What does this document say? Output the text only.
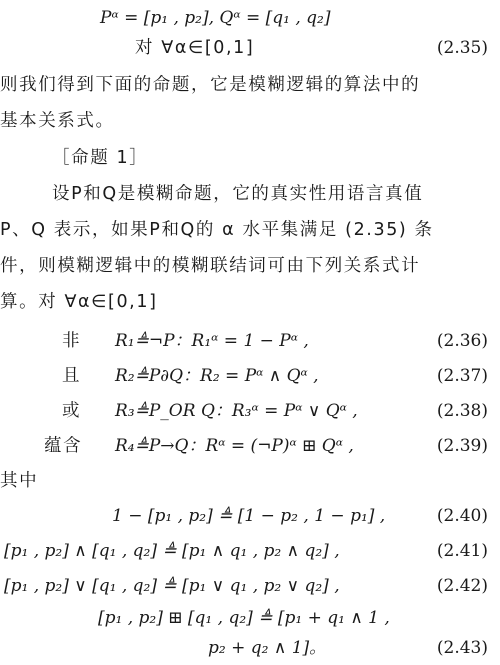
Pᵅ = [p₁ , p₂], Qᵅ = [q₁ , q₂]
对 ∀α∈[0,1]	(2.35)
则我们得到下面的命题，它是模糊逻辑的算法中的
基本关系式。
［命题 1］
设P和Q是模糊命题，它的真实性用语言真值
P、Q 表示，如果P和Q的 α 水平集满足 (2.35) 条
件，则模糊逻辑中的模糊联结词可由下列关系式计
算。对 ∀α∈[0,1]
非 R₁≜¬P：R₁ᵅ = 1 − Pᵅ ,	(2.36)
且 R₂≜P∂Q：R₂ = Pᵅ ∧ Qᵅ ,	(2.37)
或 R₃≜P_OR Q：R₃ᵅ = Pᵅ ∨ Qᵅ ,	(2.38)
蕴含 R₄≜P→Q：Rᵅ = (¬P)ᵅ ⊞ Qᵅ ,	(2.39)
其中
1 − [p₁ , p₂] ≜ [1 − p₂ , 1 − p₁] ,	(2.40)
[p₁ , p₂] ∧ [q₁ , q₂] ≜ [p₁ ∧ q₁ , p₂ ∧ q₂] ,	(2.41)
[p₁ , p₂] ∨ [q₁ , q₂] ≜ [p₁ ∨ q₁ , p₂ ∨ q₂] ,	(2.42)
[p₁ , p₂] ⊞ [q₁ , q₂] ≜ [p₁ + q₁ ∧ 1 ,
p₂ + q₂ ∧ 1]。	(2.43)
